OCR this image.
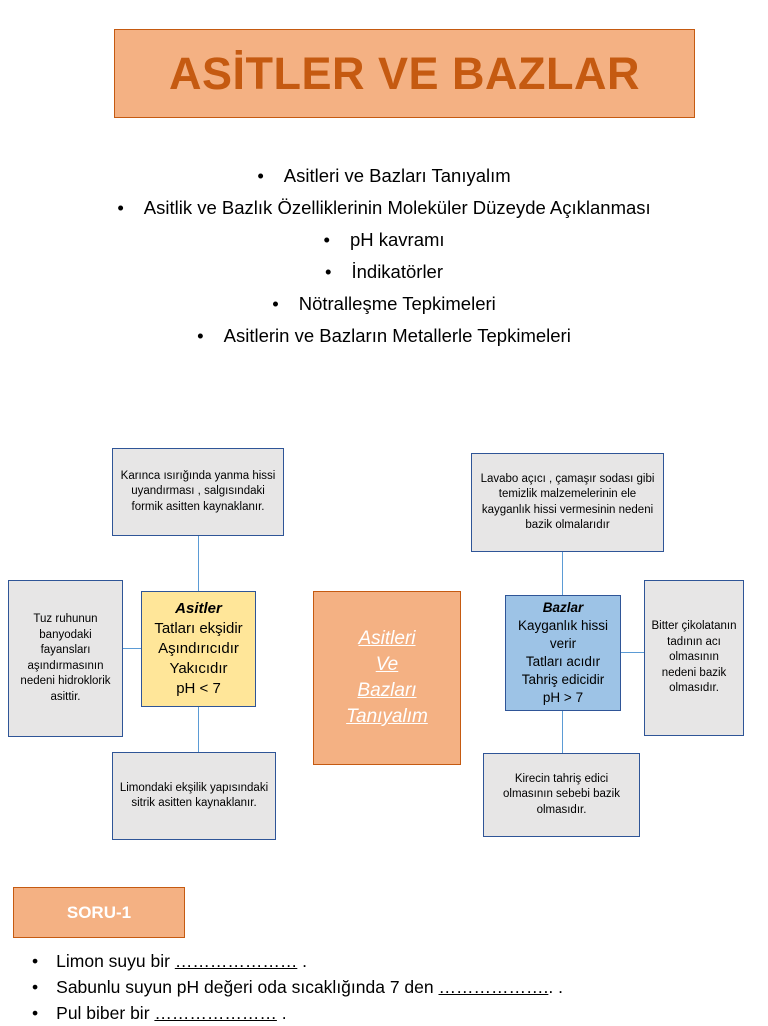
ASİTLER VE BAZLAR
• Asitleri ve Bazları Tanıyalım
• Asitlik ve Bazlık Özelliklerinin Moleküler Düzeyde Açıklanması
• pH kavramı
• İndikatörler
• Nötralleşme Tepkimeleri
• Asitlerin ve Bazların Metallerle Tepkimeleri
Karınca ısırığında yanma hissi uyandırması , salgısındaki formik asitten kaynaklanır.
Tuz ruhunun banyodaki fayansları aşındırmasının nedeni hidroklorik asittir.
Limondaki ekşilik yapısındaki sitrik asitten kaynaklanır.
Asitler
Tatları ekşidir
Aşındırıcıdır
Yakıcıdır
pH < 7
Asitleri
Ve
Bazları
Tanıyalım
Lavabo açıcı , çamaşır sodası gibi temizlik malzemelerinin ele kayganlık hissi vermesinin nedeni bazik olmalarıdır
Bitter çikolatanın tadının acı olmasının nedeni bazik olmasıdır.
Kirecin tahriş edici olmasının sebebi bazik olmasıdır.
Bazlar
Kayganlık hissi
verir
Tatları acıdır
Tahriş edicidir
pH > 7
SORU-1
• Limon suyu bir ………………… .
• Sabunlu suyun pH değeri oda sıcaklığında 7 den ……………….. .
• Pul biber bir ………………… .
